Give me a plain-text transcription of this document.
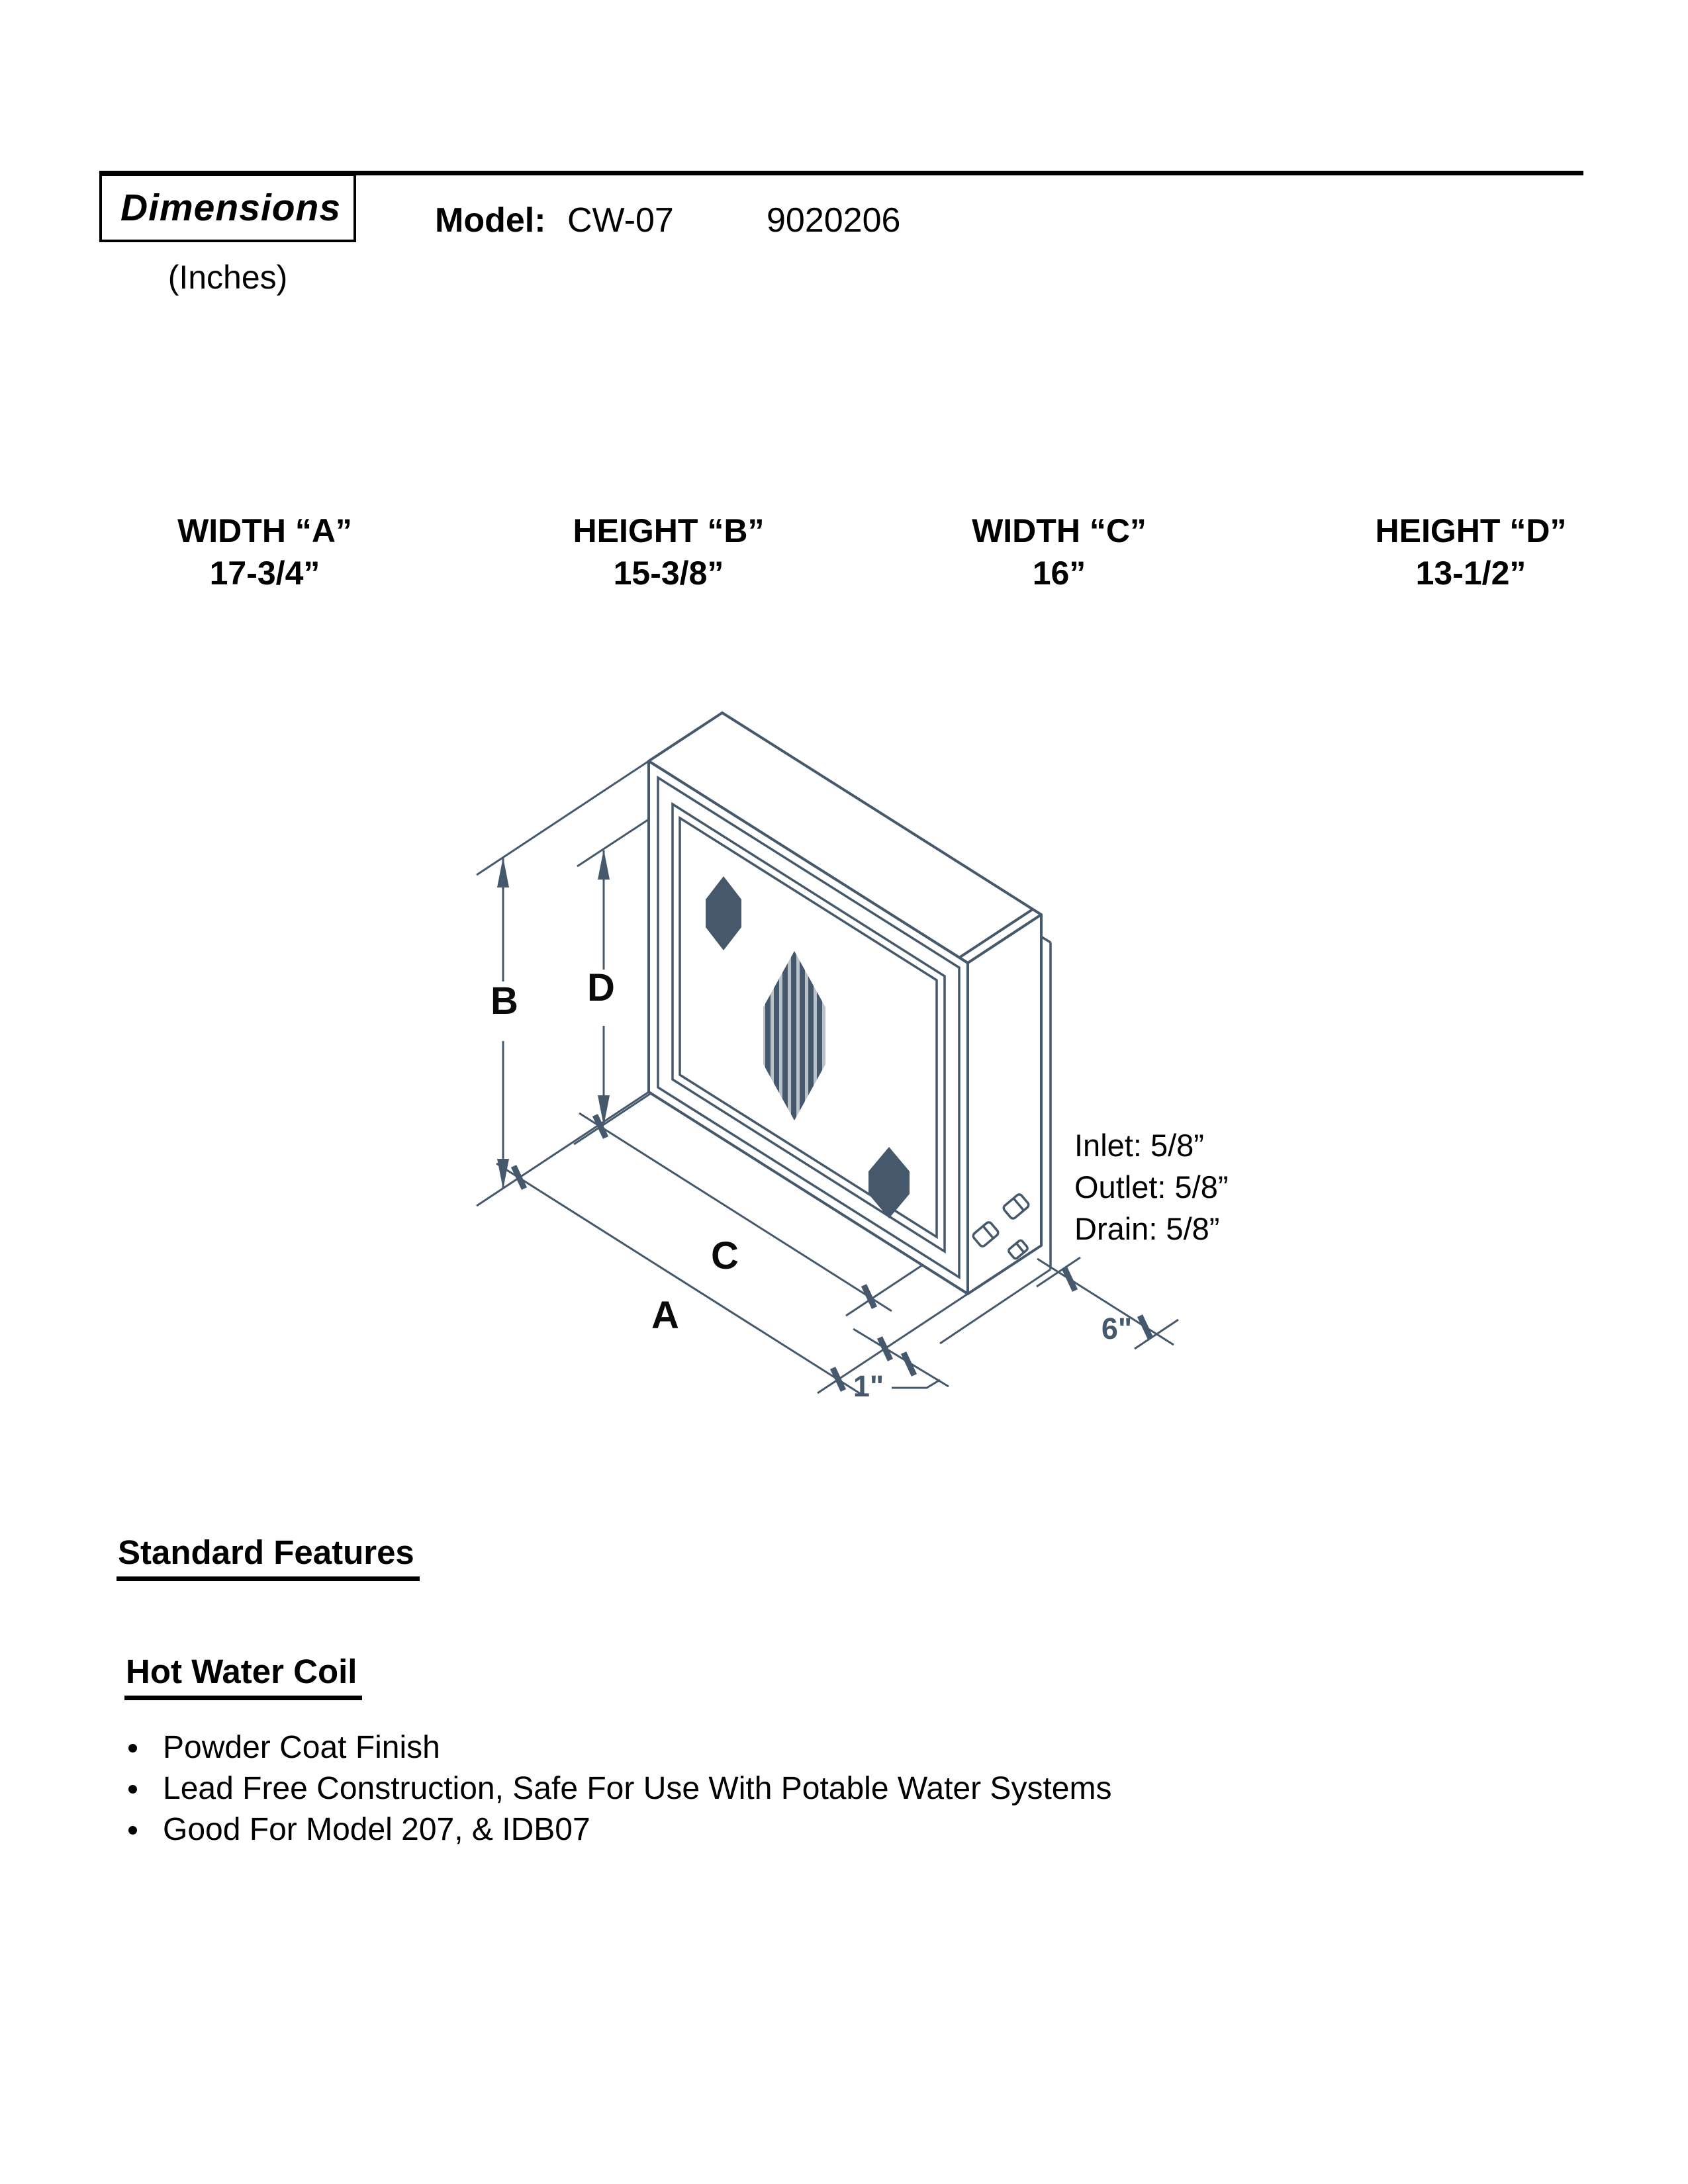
Dimensions
(Inches)
Model: CW-07	9020206
WIDTH “A”
17-3/4”
HEIGHT “B”
15-3/8”
WIDTH “C”
16”
HEIGHT “D”
13-1/2”
B D
C
A
1"
6"
Inlet: 5/8”
Outlet: 5/8”
Drain: 5/8”
Standard Features
Hot Water Coil
Powder Coat Finish
Lead Free Construction, Safe For Use With Potable Water Systems
Good For Model 207, & IDB07
